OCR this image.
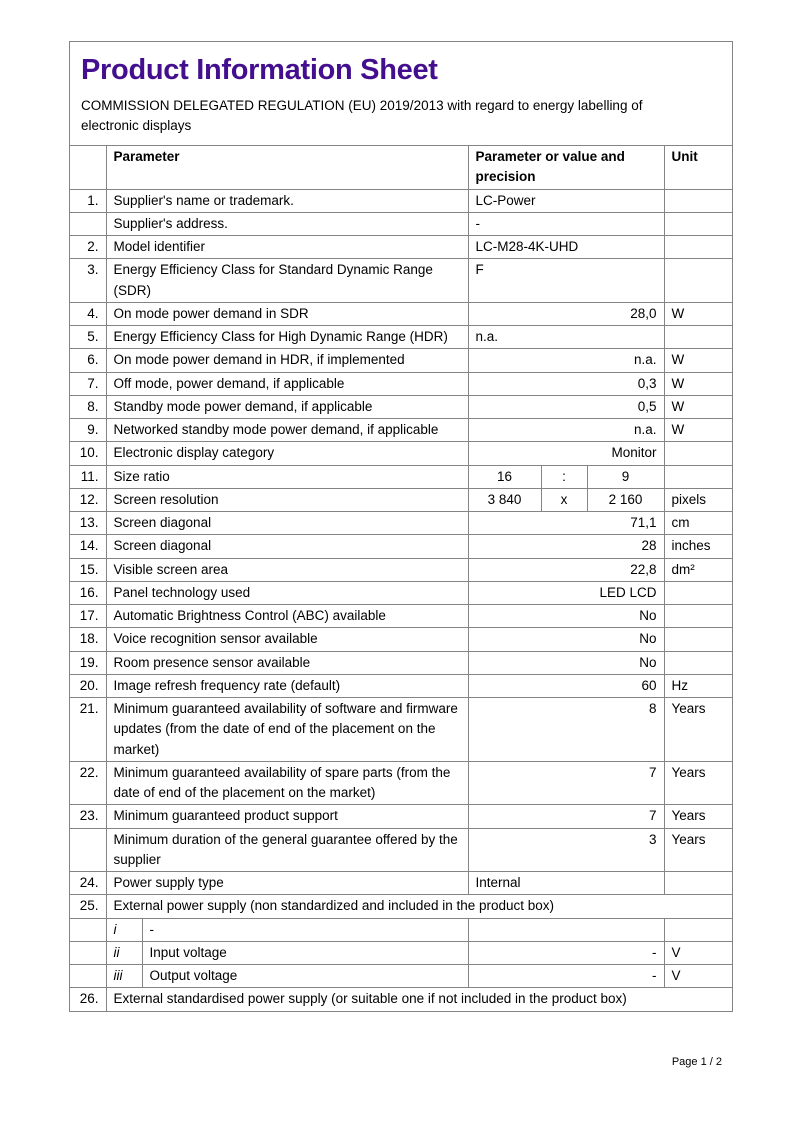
Product Information Sheet

COMMISSION DELEGATED REGULATION (EU) 2019/2013 with regard to energy labelling of electronic displays

	Parameter		Parameter or value and precision			Unit
1.	Supplier's name or trademark.		LC-Power			
	Supplier's address.		-			
2.	Model identifier		LC-M28-4K-UHD			
3.	Energy Efficiency Class for Standard Dynamic Range (SDR)		F			
4.	On mode power demand in SDR		28,0			W
5.	Energy Efficiency Class for High Dynamic Range (HDR)		n.a.			
6.	On mode power demand in HDR, if implemented		n.a.			W
7.	Off mode, power demand, if applicable		0,3			W
8.	Standby mode power demand, if applicable		0,5			W
9.	Networked standby mode power demand, if applicable		n.a.			W
10.	Electronic display category		Monitor			
11.	Size ratio		16	:	9	
12.	Screen resolution		3 840	x	2 160	pixels
13.	Screen diagonal		71,1			cm
14.	Screen diagonal		28			inches
15.	Visible screen area		22,8			dm²
16.	Panel technology used		LED LCD			
17.	Automatic Brightness Control (ABC) available		No			
18.	Voice recognition sensor available		No			
19.	Room presence sensor available		No			
20.	Image refresh frequency rate (default)		60			Hz
21.	Minimum guaranteed availability of software and firmware updates (from the date of end of the placement on the market)		8			Years
22.	Minimum guaranteed availability of spare parts (from the date of end of the placement on the market)		7			Years
23.	Minimum guaranteed product support		7			Years
	Minimum duration of the general guarantee offered by the supplier		3			Years
24.	Power supply type		Internal			
25.	External power supply (non standardized and included in the product box)					
	i	-				
	ii	Input voltage	-			V
	iii	Output voltage	-			V
26.	External standardised power supply (or suitable one if not included in the product box)					
Page 1 / 2
